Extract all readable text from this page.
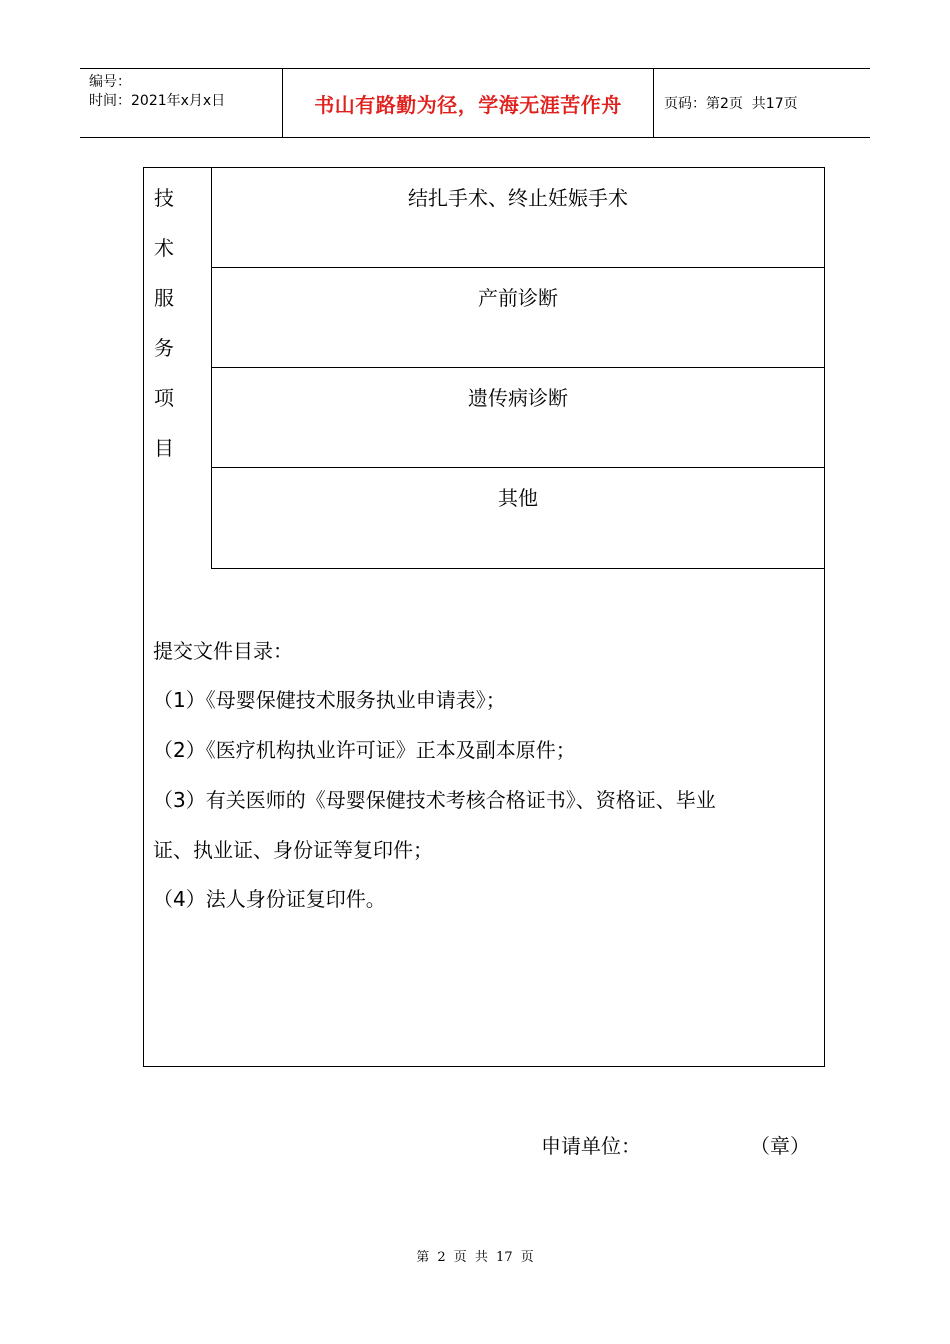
编号：
时间：2021年x月x日	书山有路勤为径，学海无涯苦作舟	页码：第2页  共17页
技
术
服
务
项
目
结扎手术、终止妊娠手术
产前诊断
遗传病诊断
其他
提交文件目录：
（1）《母婴保健技术服务执业申请表》；
（2）《医疗机构执业许可证》正本及副本原件；
（3）有关医师的《母婴保健技术考核合格证书》、资格证、毕业
证、执业证、身份证等复印件；
（4）法人身份证复印件。
申请单位：	（章）
第 2 页 共 17 页
